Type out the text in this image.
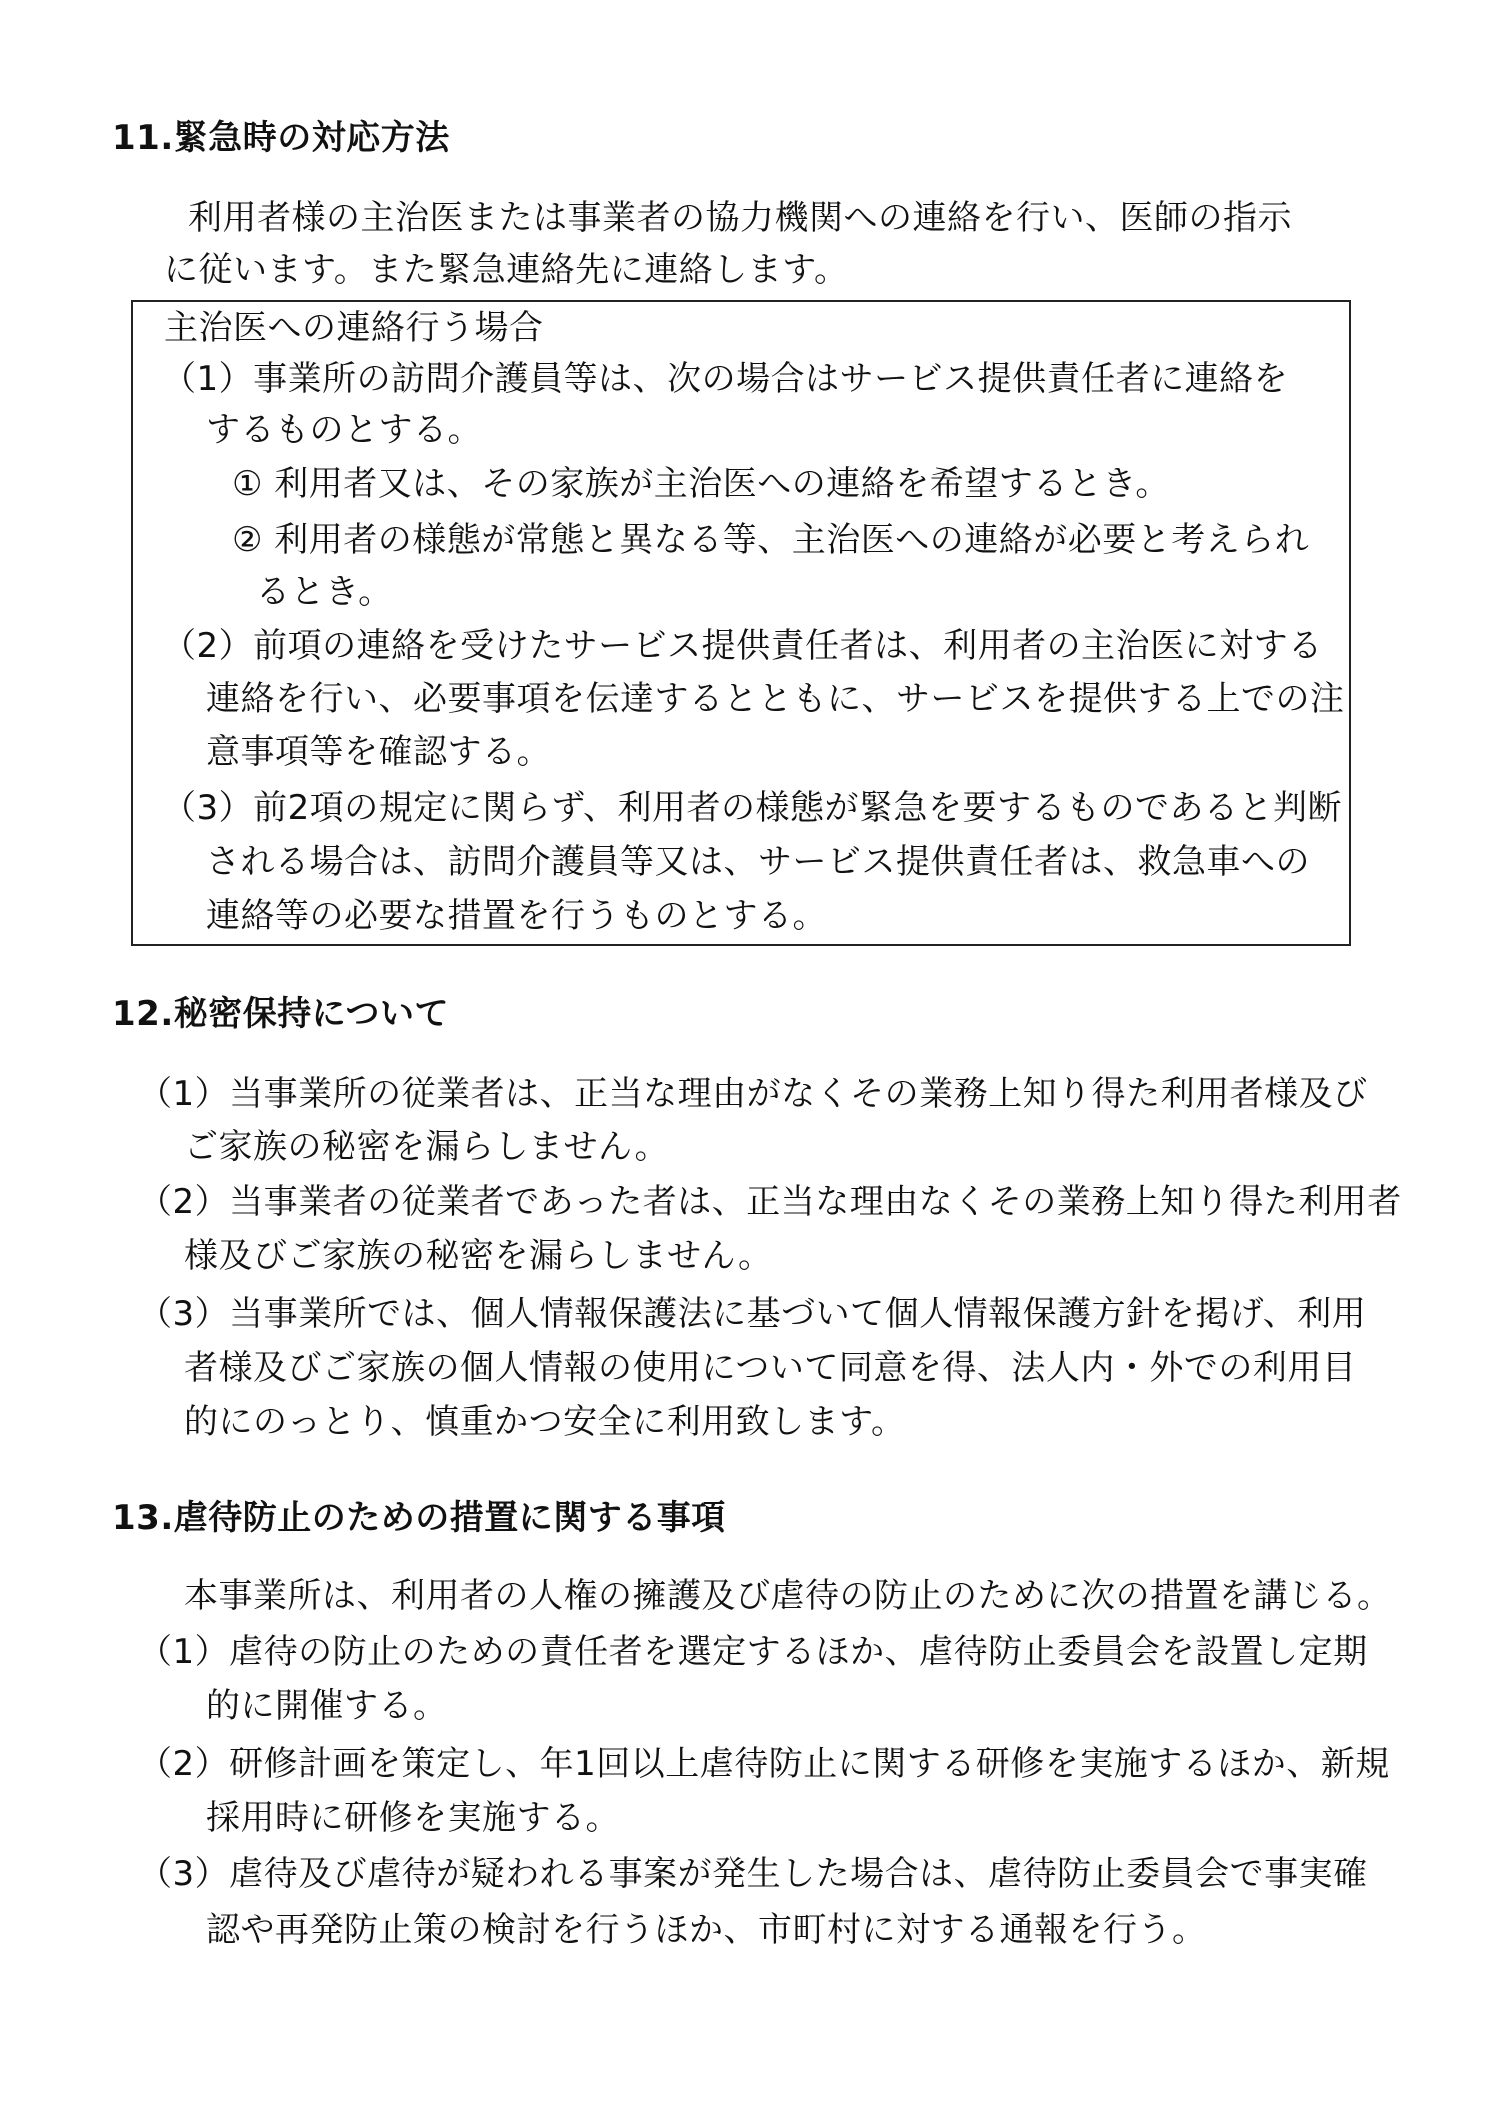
11.緊急時の対応方法
利用者様の主治医または事業者の協力機関への連絡を行い、医師の指示
に従います。また緊急連絡先に連絡します。
主治医への連絡行う場合
（1）事業所の訪問介護員等は、次の場合はサービス提供責任者に連絡を
するものとする。
① 利用者又は、その家族が主治医への連絡を希望するとき。
② 利用者の様態が常態と異なる等、主治医への連絡が必要と考えられ
るとき。
（2）前項の連絡を受けたサービス提供責任者は、利用者の主治医に対する
連絡を行い、必要事項を伝達するとともに、サービスを提供する上での注
意事項等を確認する。
（3）前2項の規定に関らず、利用者の様態が緊急を要するものであると判断
される場合は、訪問介護員等又は、サービス提供責任者は、救急車への
連絡等の必要な措置を行うものとする。
12.秘密保持について
（1）当事業所の従業者は、正当な理由がなくその業務上知り得た利用者様及び
ご家族の秘密を漏らしません。
（2）当事業者の従業者であった者は、正当な理由なくその業務上知り得た利用者
様及びご家族の秘密を漏らしません。
（3）当事業所では、個人情報保護法に基づいて個人情報保護方針を掲げ、利用
者様及びご家族の個人情報の使用について同意を得、法人内・外での利用目
的にのっとり、慎重かつ安全に利用致します。
13.虐待防止のための措置に関する事項
本事業所は、利用者の人権の擁護及び虐待の防止のために次の措置を講じる。
（1）虐待の防止のための責任者を選定するほか、虐待防止委員会を設置し定期
的に開催する。
（2）研修計画を策定し、年1回以上虐待防止に関する研修を実施するほか、新規
採用時に研修を実施する。
（3）虐待及び虐待が疑われる事案が発生した場合は、虐待防止委員会で事実確
認や再発防止策の検討を行うほか、市町村に対する通報を行う。
